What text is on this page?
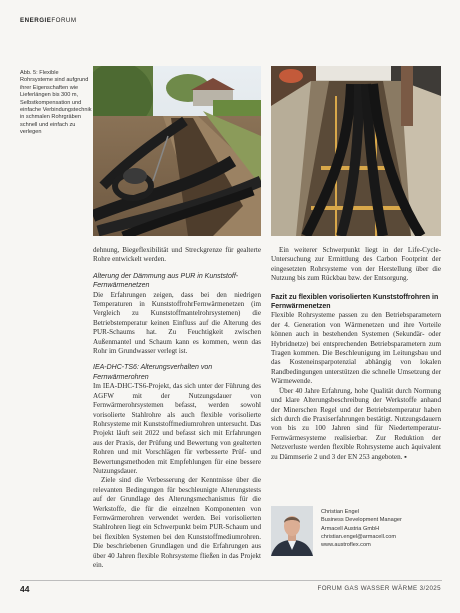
ENERGIEFORUM
Abb. 5: Flexible Rohrsysteme sind aufgrund ihrer Eigenschaften wie Lieferlängen bis 300 m, Selbstkompensation und einfache Verbindungstechnik in schmalen Rohrgräben schnell und einfach zu verlegen

dehnung, Biegeflexibilität und Streckgrenze für gealterte Rohre entwickelt werden.

Alterung der Dämmung aus PUR in Kunststoff-Fernwärmenetzen

Die Erfahrungen zeigen, dass bei den niedrigen Temperaturen in KunststoffrohrFernwärmenetzen (im Vergleich zu Kunststoffmantelrohrsystemen) die Betriebstemperatur keinen Einfluss auf die Alterung des PUR-Schaums hat. Zu Feuchtigkeit zwischen Außenmantel und Schaum kann es kommen, wenn das Rohr im Grundwasser verlegt ist.

IEA-DHC-TS6: Alterungsverhalten von Fernwärmerohren

Im IEA-DHC-TS6-Projekt, das sich unter der Führung des AGFW mit der Nutzungsdauer von Fernwärmerohrsystemen befasst, werden sowohl vorisolierte Stahlrohre als auch flexible vorisolierte Rohrsysteme mit Kunststoffmediumrohren untersucht. Das Projekt läuft seit 2022 und befasst sich mit Erfahrungen aus der Praxis, der Prüfung und Bewertung von gealterten Rohren und mit Vorschlägen für verbesserte Prüf- und Bewertungsmethoden mit Empfehlungen für eine bessere Nutzungsdauer.

Ziele sind die Verbesserung der Kenntnisse über die relevanten Bedingungen für beschleunigte Alterungstests auf der Grundlage des Alterungsmechanismus für die Werkstoffe, die für die einzelnen Komponenten von Fernwärmerohren verwendet werden. Bei vorisolierten Stahlrohren liegt ein Schwerpunkt beim PUR-Schaum und bei flexiblen Systemen bei den Kunststoffmediumrohren. Die beschriebenen Grundlagen und die Erfahrungen aus über 40 Jahren flexible Rohrsysteme fließen in das Projekt ein.

Ein weiterer Schwerpunkt liegt in der Life-Cycle-Untersuchung zur Ermittlung des Carbon Footprint der eingesetzten Rohrsysteme von der Herstellung über die Nutzung bis zum Rückbau bzw. der Entsorgung.

Fazit zu flexiblen vorisolierten Kunststoffrohren in Fernwärmenetzen

Flexible Rohrsysteme passen zu den Betriebsparametern der 4. Generation von Wärmenetzen und ihre Vorteile können auch in bestehenden Systemen (Sekundär- oder Hybridnetze) bei entsprechenden Betriebsparametern zum Tragen kommen. Die Beschleunigung im Leitungsbau und das Kosteneinsparpotenzial abhängig von lokalen Randbedingungen unterstützen die schnelle Umsetzung der Wärmewende.

Über 40 Jahre Erfahrung, hohe Qualität durch Normung und klare Alterungsbeschreibung der Werkstoffe anhand der Minerschen Regel und der Betriebstemperatur haben sich durch die Praxiserfahrungen bestätigt. Nutzungsdauern von bis zu 100 Jahren sind für Niedertemperatur-Fernwärmesysteme realisierbar. Zur Reduktion der Netzverluste werden flexible Rohrsysteme auch äquivalent zu Dämmserie 2 und 3 der EN 253 angeboten. ▪

Christian Engel
Business Development Manager
Armacell Austria GmbH
christian.engel@armacell.com
www.austroflex.com
44	FORUM GAS WASSER WÄRME 3/2025
